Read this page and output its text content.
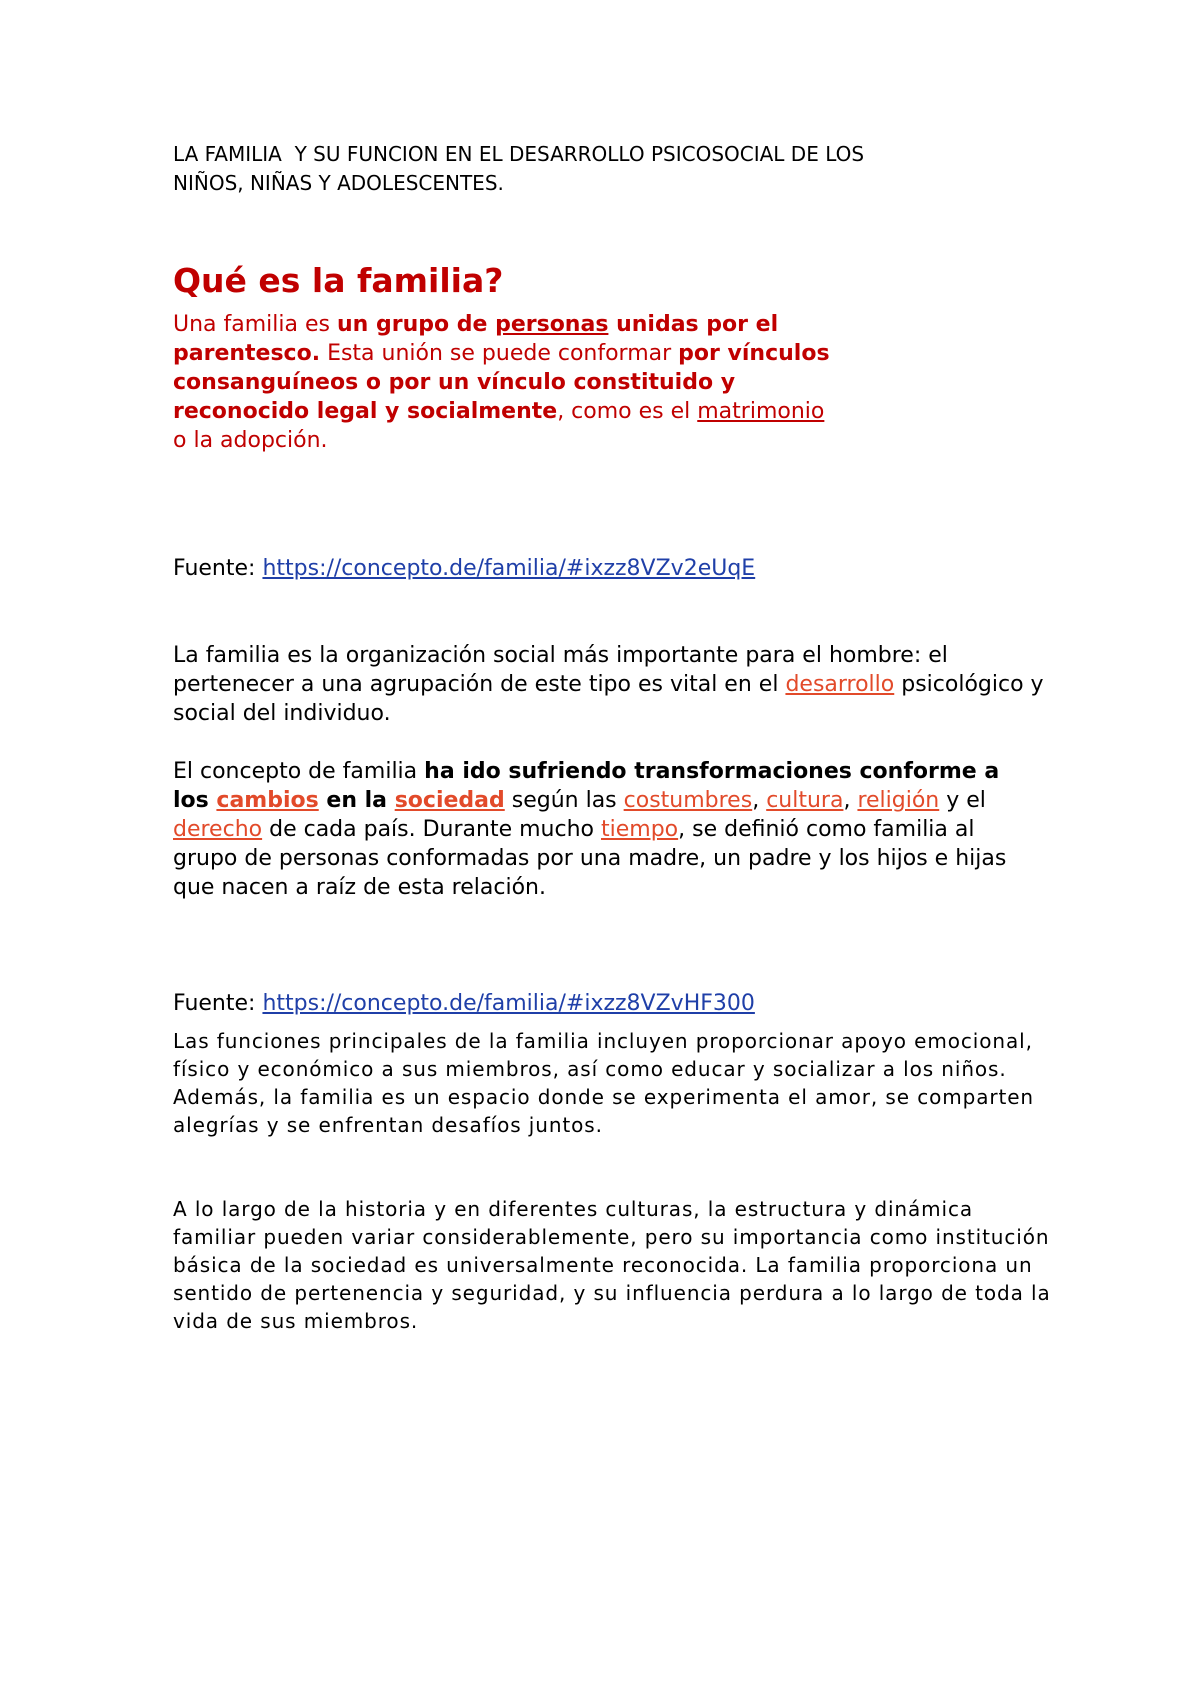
LA FAMILIA  Y SU FUNCION EN EL DESARROLLO PSICOSOCIAL DE LOS
NIÑOS, NIÑAS Y ADOLESCENTES.

Qué es la familia?

Una familia es un grupo de personas unidas por el parentesco. Esta unión se puede conformar por vínculos consanguíneos o por un vínculo constituido y reconocido legal y socialmente, como es el matrimonio o la adopción.

Fuente: https://concepto.de/familia/#ixzz8VZv2eUqE

La familia es la organización social más importante para el hombre: el pertenecer a una agrupación de este tipo es vital en el desarrollo psicológico y social del individuo.

El concepto de familia ha ido sufriendo transformaciones conforme a los cambios en la sociedad según las costumbres, cultura, religión y el derecho de cada país. Durante mucho tiempo, se definió como familia al grupo de personas conformadas por una madre, un padre y los hijos e hijas que nacen a raíz de esta relación.

Fuente: https://concepto.de/familia/#ixzz8VZvHF300

Las funciones principales de la familia incluyen proporcionar apoyo emocional, físico y económico a sus miembros, así como educar y socializar a los niños. Además, la familia es un espacio donde se experimenta el amor, se comparten alegrías y se enfrentan desafíos juntos.

A lo largo de la historia y en diferentes culturas, la estructura y dinámica familiar pueden variar considerablemente, pero su importancia como institución básica de la sociedad es universalmente reconocida. La familia proporciona un sentido de pertenencia y seguridad, y su influencia perdura a lo largo de toda la vida de sus miembros.
